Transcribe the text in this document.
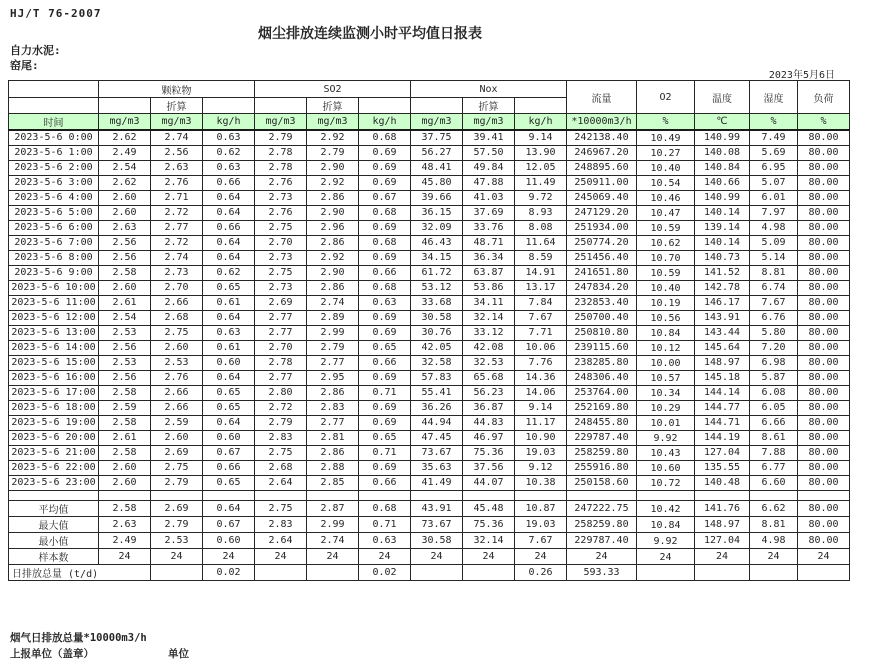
HJ/T 76-2007
烟尘排放连续监测小时平均值日报表
自力水泥:
窑尾:
2023年5月6日
	颗粒物			SO2			Nox			流量	O2	温度	湿度	负荷
		折算			折算			折算						
时间	mg/m3	mg/m3	kg/h	mg/m3	mg/m3	kg/h	mg/m3	mg/m3	kg/h	*10000m3/h	%	℃	%	%
2023-5-6 0:00	2.62	2.74	0.63	2.79	2.92	0.68	37.75	39.41	9.14	242138.40	10.49	140.99	7.49	80.00
2023-5-6 1:00	2.49	2.56	0.62	2.78	2.79	0.69	56.27	57.50	13.90	246967.20	10.27	140.08	5.69	80.00
2023-5-6 2:00	2.54	2.63	0.63	2.78	2.90	0.69	48.41	49.84	12.05	248895.60	10.40	140.84	6.95	80.00
2023-5-6 3:00	2.62	2.76	0.66	2.76	2.92	0.69	45.80	47.88	11.49	250911.00	10.54	140.66	5.07	80.00
2023-5-6 4:00	2.60	2.71	0.64	2.73	2.86	0.67	39.66	41.03	9.72	245069.40	10.46	140.99	6.01	80.00
2023-5-6 5:00	2.60	2.72	0.64	2.76	2.90	0.68	36.15	37.69	8.93	247129.20	10.47	140.14	7.97	80.00
2023-5-6 6:00	2.63	2.77	0.66	2.75	2.96	0.69	32.09	33.76	8.08	251934.00	10.59	139.14	4.98	80.00
2023-5-6 7:00	2.56	2.72	0.64	2.70	2.86	0.68	46.43	48.71	11.64	250774.20	10.62	140.14	5.09	80.00
2023-5-6 8:00	2.56	2.74	0.64	2.73	2.92	0.69	34.15	36.34	8.59	251456.40	10.70	140.73	5.14	80.00
2023-5-6 9:00	2.58	2.73	0.62	2.75	2.90	0.66	61.72	63.87	14.91	241651.80	10.59	141.52	8.81	80.00
2023-5-6 10:00	2.60	2.70	0.65	2.73	2.86	0.68	53.12	53.86	13.17	247834.20	10.40	142.78	6.74	80.00
2023-5-6 11:00	2.61	2.66	0.61	2.69	2.74	0.63	33.68	34.11	7.84	232853.40	10.19	146.17	7.67	80.00
2023-5-6 12:00	2.54	2.68	0.64	2.77	2.89	0.69	30.58	32.14	7.67	250700.40	10.56	143.91	6.76	80.00
2023-5-6 13:00	2.53	2.75	0.63	2.77	2.99	0.69	30.76	33.12	7.71	250810.80	10.84	143.44	5.80	80.00
2023-5-6 14:00	2.56	2.60	0.61	2.70	2.79	0.65	42.05	42.08	10.06	239115.60	10.12	145.64	7.20	80.00
2023-5-6 15:00	2.53	2.53	0.60	2.78	2.77	0.66	32.58	32.53	7.76	238285.80	10.00	148.97	6.98	80.00
2023-5-6 16:00	2.56	2.76	0.64	2.77	2.95	0.69	57.83	65.68	14.36	248306.40	10.57	145.18	5.87	80.00
2023-5-6 17:00	2.58	2.66	0.65	2.80	2.86	0.71	55.41	56.23	14.06	253764.00	10.34	144.14	6.08	80.00
2023-5-6 18:00	2.59	2.66	0.65	2.72	2.83	0.69	36.26	36.87	9.14	252169.80	10.29	144.77	6.05	80.00
2023-5-6 19:00	2.58	2.59	0.64	2.79	2.77	0.69	44.94	44.83	11.17	248455.80	10.01	144.71	6.66	80.00
2023-5-6 20:00	2.61	2.60	0.60	2.83	2.81	0.65	47.45	46.97	10.90	229787.40	9.92	144.19	8.61	80.00
2023-5-6 21:00	2.58	2.69	0.67	2.75	2.86	0.71	73.67	75.36	19.03	258259.80	10.43	127.04	7.88	80.00
2023-5-6 22:00	2.60	2.75	0.66	2.68	2.88	0.69	35.63	37.56	9.12	255916.80	10.60	135.55	6.77	80.00
2023-5-6 23:00	2.60	2.79	0.65	2.64	2.85	0.66	41.49	44.07	10.38	250158.60	10.72	140.48	6.60	80.00

平均值	2.58	2.69	0.64	2.75	2.87	0.68	43.91	45.48	10.87	247222.75	10.42	141.76	6.62	80.00
最大值	2.63	2.79	0.67	2.83	2.99	0.71	73.67	75.36	19.03	258259.80	10.84	148.97	8.81	80.00
最小值	2.49	2.53	0.60	2.64	2.74	0.63	30.58	32.14	7.67	229787.40	9.92	127.04	4.98	80.00
样本数	24	24	24	24	24	24	24	24	24	24	24	24	24	24
日排放总量 (t/d)			0.02			0.02			0.26	593.33				
烟气日排放总量*10000m3/h
上报单位（盖章）	单位
